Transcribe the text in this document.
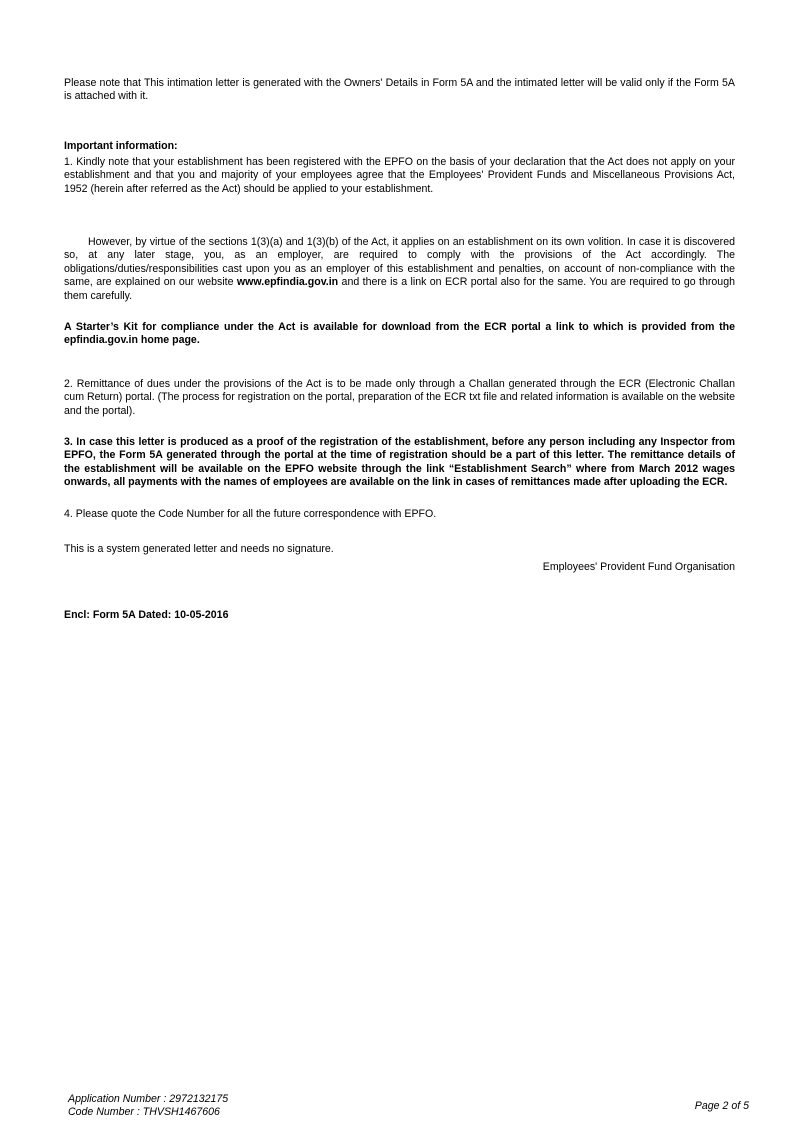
Please note that This intimation letter is generated with the Owners' Details in Form 5A and the intimated letter will be valid only if the Form 5A is attached with it.

Important information:

1. Kindly note that your establishment has been registered with the EPFO on the basis of your declaration that the Act does not apply on your establishment and that you and majority of your employees agree that the Employees' Provident Funds and Miscellaneous Provisions Act, 1952 (herein after referred as the Act) should be applied to your establishment.

However, by virtue of the sections 1(3)(a) and 1(3)(b) of the Act, it applies on an establishment on its own volition. In case it is discovered so, at any later stage, you, as an employer, are required to comply with the provisions of the Act accordingly. The obligations/duties/responsibilities cast upon you as an employer of this establishment and penalties, on account of non-compliance with the same, are explained on our website www.epfindia.gov.in and there is a link on ECR portal also for the same. You are required to go through them carefully.

A Starter’s Kit for compliance under the Act is available for download from the ECR portal a link to which is provided from the epfindia.gov.in home page.

2. Remittance of dues under the provisions of the Act is to be made only through a Challan generated through the ECR (Electronic Challan cum Return) portal. (The process for registration on the portal, preparation of the ECR txt file and related information is available on the website and the portal).

3. In case this letter is produced as a proof of the registration of the establishment, before any person including any Inspector from EPFO, the Form 5A generated through the portal at the time of registration should be a part of this letter. The remittance details of the establishment will be available on the EPFO website through the link “Establishment Search” where from March 2012 wages onwards, all payments with the names of employees are available on the link in cases of remittances made after uploading the ECR.

4. Please quote the Code Number for all the future correspondence with EPFO.

This is a system generated letter and needs no signature.

Employees' Provident Fund Organisation

Encl: Form 5A Dated: 10-05-2016

Application Number : 2972132175
Code Number : THVSH1467606
Page 2 of 5
